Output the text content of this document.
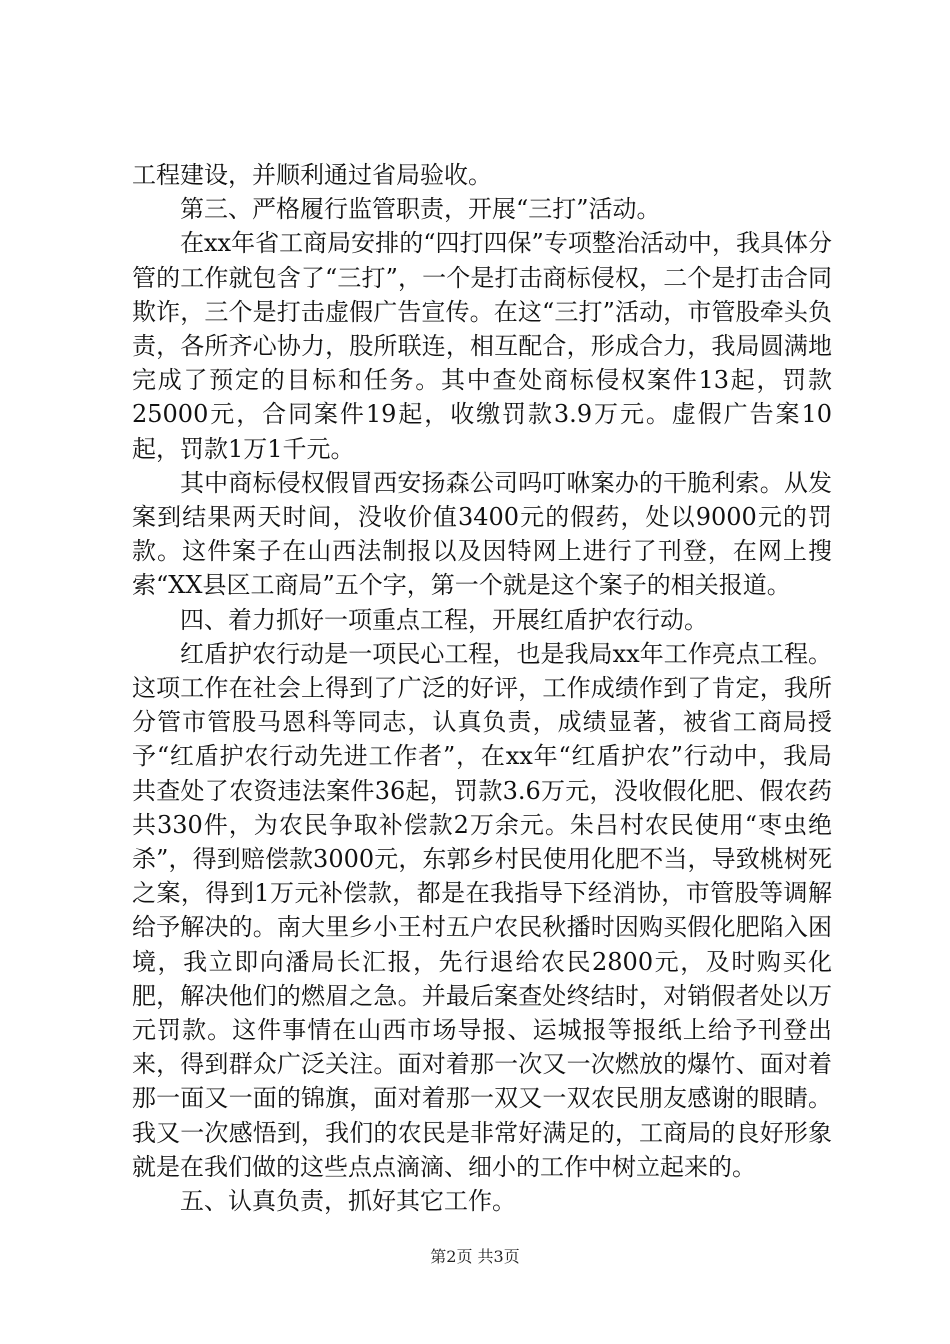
工程建设，并顺利通过省局验收。

第三、严格履行监管职责，开展“三打”活动。

在xx年省工商局安排的“四打四保”专项整治活动中，我具体分管的工作就包含了“三打”，一个是打击商标侵权，二个是打击合同欺诈，三个是打击虚假广告宣传。在这“三打”活动，市管股牵头负责，各所齐心协力，股所联连，相互配合，形成合力，我局圆满地完成了预定的目标和任务。其中查处商标侵权案件13起，罚款25000元，合同案件19起，收缴罚款3.9万元。虚假广告案10起，罚款1万1千元。

其中商标侵权假冒西安扬森公司吗叮咻案办的干脆利索。从发案到结果两天时间，没收价值3400元的假药，处以9000元的罚款。这件案子在山西法制报以及因特网上进行了刊登，在网上搜索“XX县区工商局”五个字，第一个就是这个案子的相关报道。

四、着力抓好一项重点工程，开展红盾护农行动。

红盾护农行动是一项民心工程，也是我局xx年工作亮点工程。这项工作在社会上得到了广泛的好评，工作成绩作到了肯定，我所分管市管股马恩科等同志，认真负责，成绩显著，被省工商局授予“红盾护农行动先进工作者”，在xx年“红盾护农”行动中，我局共查处了农资违法案件36起，罚款3.6万元，没收假化肥、假农药共330件，为农民争取补偿款2万余元。朱吕村农民使用“枣虫绝杀”，得到赔偿款3000元，东郭乡村民使用化肥不当，导致桃树死之案，得到1万元补偿款，都是在我指导下经消协，市管股等调解给予解决的。南大里乡小王村五户农民秋播时因购买假化肥陷入困境，我立即向潘局长汇报，先行退给农民2800元，及时购买化肥，解决他们的燃眉之急。并最后案查处终结时，对销假者处以万元罚款。这件事情在山西市场导报、运城报等报纸上给予刊登出来，得到群众广泛关注。面对着那一次又一次燃放的爆竹、面对着那一面又一面的锦旗，面对着那一双又一双农民朋友感谢的眼睛。我又一次感悟到，我们的农民是非常好满足的，工商局的良好形象就是在我们做的这些点点滴滴、细小的工作中树立起来的。

五、认真负责，抓好其它工作。

第2页 共3页
